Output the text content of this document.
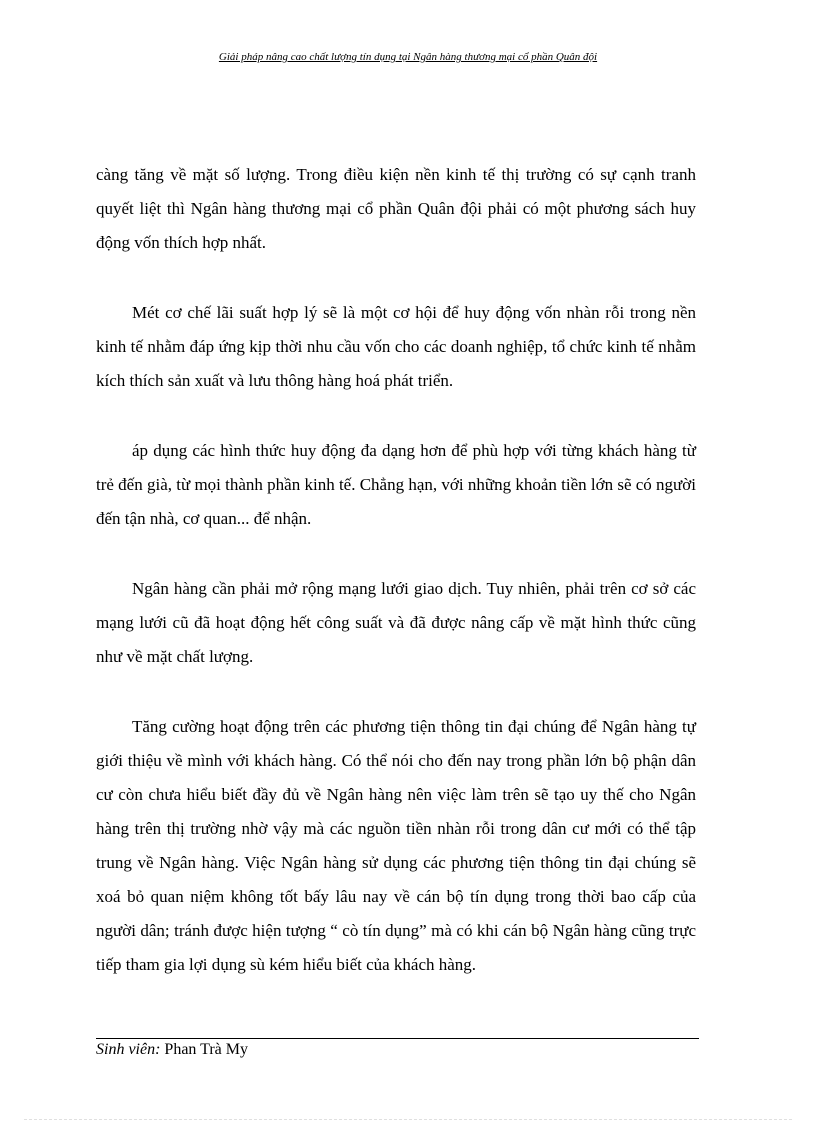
Giải pháp nâng cao chất lượng tín dụng tại Ngân hàng thương mại cổ phần Quân đội

càng tăng về mặt số lượng. Trong điều kiện nền kinh tế thị trường có sự cạnh tranh quyết liệt thì Ngân hàng thương mại cổ phần Quân đội phải có một phương sách huy động vốn thích hợp nhất.

Mét cơ chế lãi suất hợp lý sẽ là một cơ hội để huy động vốn nhàn rỗi trong nền kinh tế nhằm đáp ứng kịp thời nhu cầu vốn cho các doanh nghiệp, tổ chức kinh tế nhằm kích thích sản xuất và lưu thông hàng hoá phát triển.

áp dụng các hình thức huy động đa dạng hơn để phù hợp với từng khách hàng từ trẻ đến già, từ mọi thành phần kinh tế. Chẳng hạn, với những khoản tiền lớn sẽ có người đến tận nhà, cơ quan... để nhận.

Ngân hàng cần phải mở rộng mạng lưới giao dịch. Tuy nhiên, phải trên cơ sở các mạng lưới cũ đã hoạt động hết công suất và đã được nâng cấp về mặt hình thức cũng như về mặt chất lượng.

Tăng cường hoạt động trên các phương tiện thông tin đại chúng để Ngân hàng tự giới thiệu về mình với khách hàng. Có thể nói cho đến nay trong phần lớn bộ phận dân cư còn chưa hiểu biết đầy đủ về Ngân hàng nên việc làm trên sẽ tạo uy thế cho Ngân hàng trên thị trường nhờ vậy mà các nguồn tiền nhàn rỗi trong dân cư mới có thể tập trung về Ngân hàng. Việc Ngân hàng sử dụng các phương tiện thông tin đại chúng sẽ xoá bỏ quan niệm không tốt bấy lâu nay về cán bộ tín dụng trong thời bao cấp của người dân; tránh được hiện tượng “ cò tín dụng” mà có khi cán bộ Ngân hàng cũng trực tiếp tham gia lợi dụng sù kém hiểu biết của khách hàng.

Sinh viên: Phan Trà My
